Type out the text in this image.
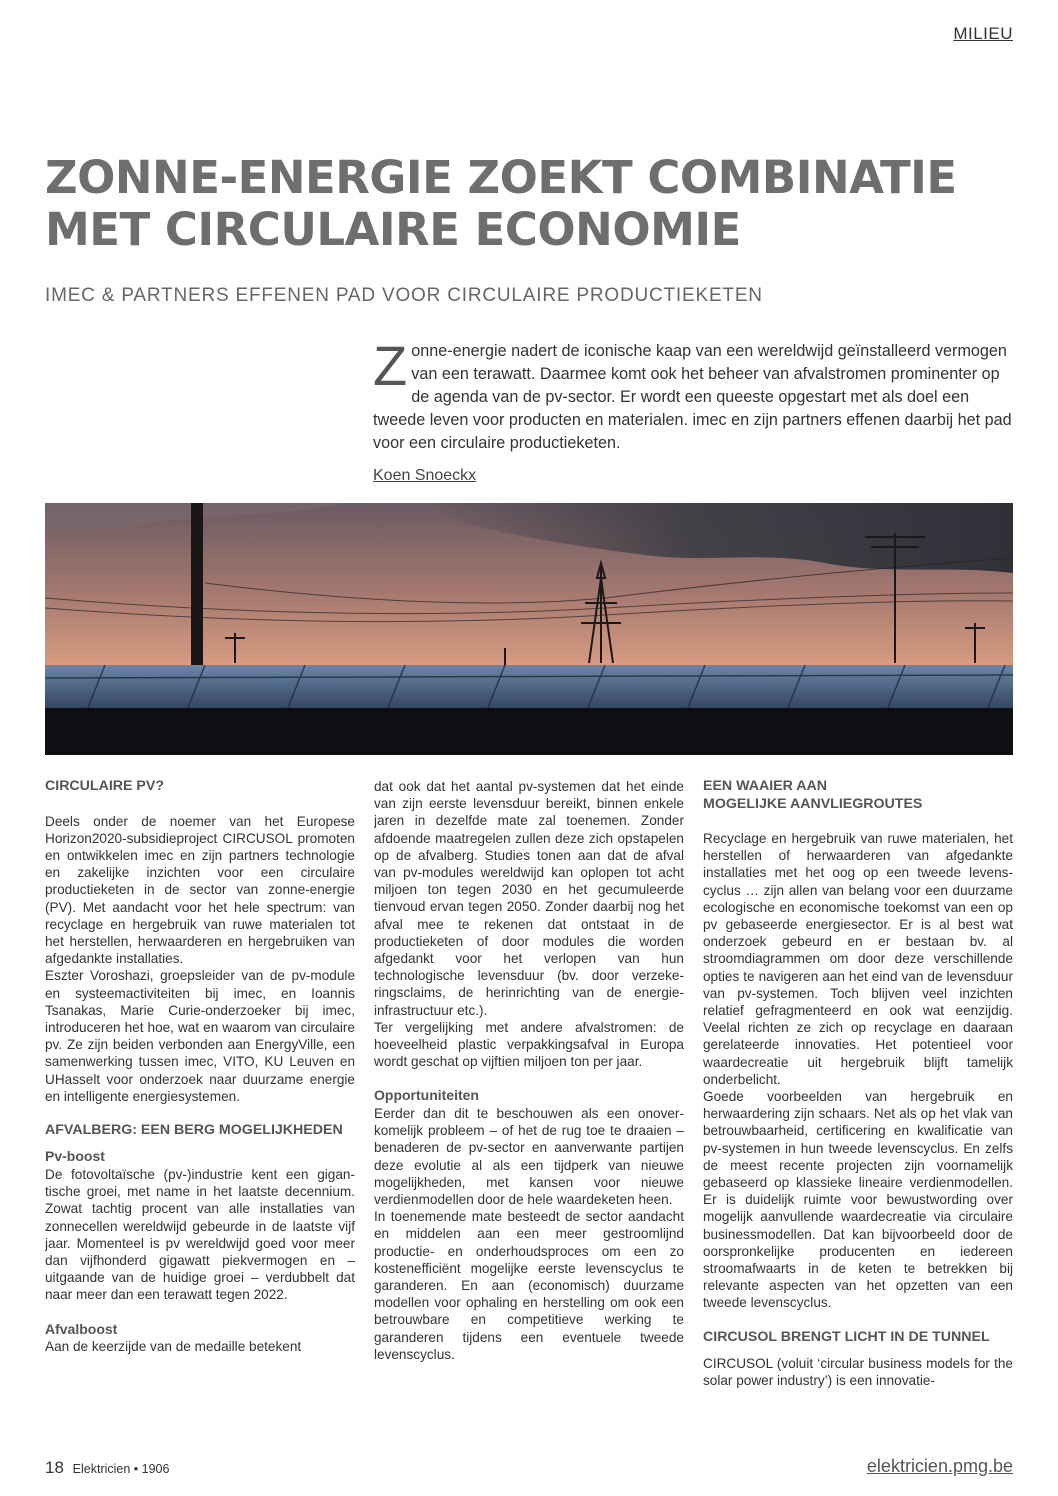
MILIEU
ZONNE-ENERGIE ZOEKT COMBINATIE MET CIRCULAIRE ECONOMIE
IMEC & PARTNERS EFFENEN PAD VOOR CIRCULAIRE PRODUCTIEKETEN

Zonne-energie nadert de iconische kaap van een wereldwijd geïnstalleerd vermogen van een terawatt. Daarmee komt ook het beheer van afvalstromen prominenter op de agenda van de pv-sector. Er wordt een queeste opgestart met als doel een tweede leven voor producten en materialen. imec en zijn partners effenen daarbij het pad voor een circulaire productieketen.

Koen Snoeckx
CIRCULAIRE PV?

Deels onder de noemer van het Europese Horizon2020-subsidieproject CIRCUSOL promoten en ontwikkelen imec en zijn partners technologie en zakelijke inzichten voor een circulaire productieketen in de sector van zonne-energie (PV). Met aandacht voor het hele spectrum: van recyclage en hergebruik van ruwe materialen tot het herstellen, herwaarderen en hergebruiken van afgedankte installaties.

Eszter Voroshazi, groepsleider van de pv-module en systeemactiviteiten bij imec, en Ioannis Tsanakas, Marie Curie-onderzoeker bij imec, introduceren het hoe, wat en waarom van circulaire pv. Ze zijn beiden verbonden aan EnergyVille, een samenwerking tussen imec, VITO, KU Leuven en UHasselt voor onderzoek naar duurzame energie en intelligente energiesystemen.

AFVALBERG: EEN BERG MOGELIJKHEDEN
Pv-boost

De fotovoltaïsche (pv-)industrie kent een gigantische groei, met name in het laatste decennium. Zowat tachtig procent van alle installaties van zonnecellen wereldwijd gebeurde in de laatste vijf jaar. Momenteel is pv wereldwijd goed voor meer dan vijfhonderd gigawatt piekvermogen en – uitgaande van de huidige groei – verdubbelt dat naar meer dan een terawatt tegen 2022.

Afvalboost

Aan de keerzijde van de medaille betekent

dat ook dat het aantal pv-systemen dat het einde van zijn eerste levensduur bereikt, binnen enkele jaren in dezelfde mate zal toenemen. Zonder afdoende maatregelen zullen deze zich opstapelen op de afvalberg. Studies tonen aan dat de afval van pv-modules wereldwijd kan oplopen tot acht miljoen ton tegen 2030 en het gecumuleerde tienvoud ervan tegen 2050. Zonder daarbij nog het afval mee te rekenen dat ontstaat in de productieketen of door modules die worden afgedankt voor het verlopen van hun technologische levensduur (bv. door verzekeringsclaims, de herinrichting van de energie-infrastructuur etc.).

Ter vergelijking met andere afvalstromen: de hoeveelheid plastic verpakkingsafval in Europa wordt geschat op vijftien miljoen ton per jaar.

Opportuniteiten

Eerder dan dit te beschouwen als een onoverkomelijk probleem – of het de rug toe te draaien – benaderen de pv-sector en aanverwante partijen deze evolutie al als een tijdperk van nieuwe mogelijkheden, met kansen voor nieuwe verdienmodellen door de hele waardeketen heen.

In toenemende mate besteedt de sector aandacht en middelen aan een meer gestroomlijnd productie- en onderhoudsproces om een zo kostenefficiënt mogelijke eerste levenscyclus te garanderen. En aan (economisch) duurzame modellen voor ophaling en herstelling om ook een betrouwbare en competitieve werking te garanderen tijdens een eventuele tweede levenscyclus.

EEN WAAIER AAN
MOGELIJKE AANVLIEGROUTES

Recyclage en hergebruik van ruwe materialen, het herstellen of herwaarderen van afgedankte installaties met het oog op een tweede levenscyclus … zijn allen van belang voor een duurzame ecologische en economische toekomst van een op pv gebaseerde energiesector. Er is al best wat onderzoek gebeurd en er bestaan bv. al stroomdiagrammen om door deze verschillende opties te navigeren aan het eind van de levensduur van pv-systemen. Toch blijven veel inzichten relatief gefragmenteerd en ook wat eenzijdig. Veelal richten ze zich op recyclage en daaraan gerelateerde innovaties. Het potentieel voor waardecreatie uit hergebruik blijft tamelijk onderbelicht.

Goede voorbeelden van hergebruik en herwaardering zijn schaars. Net als op het vlak van betrouwbaarheid, certificering en kwalificatie van pv-systemen in hun tweede levenscyclus. En zelfs de meest recente projecten zijn voornamelijk gebaseerd op klassieke lineaire verdienmodellen. Er is duidelijk ruimte voor bewustwording over mogelijk aanvullende waardecreatie via circulaire businessmodellen. Dat kan bijvoorbeeld door de oorspronkelijke producenten en iedereen stroomafwaarts in de keten te betrekken bij relevante aspecten van het opzetten van een tweede levenscyclus.

CIRCUSOL BRENGT LICHT IN DE TUNNEL

CIRCUSOL (voluit ‘circular business models for the solar power industry’) is een innovatie-

18 Elektricien • 1906	elektricien.pmg.be
